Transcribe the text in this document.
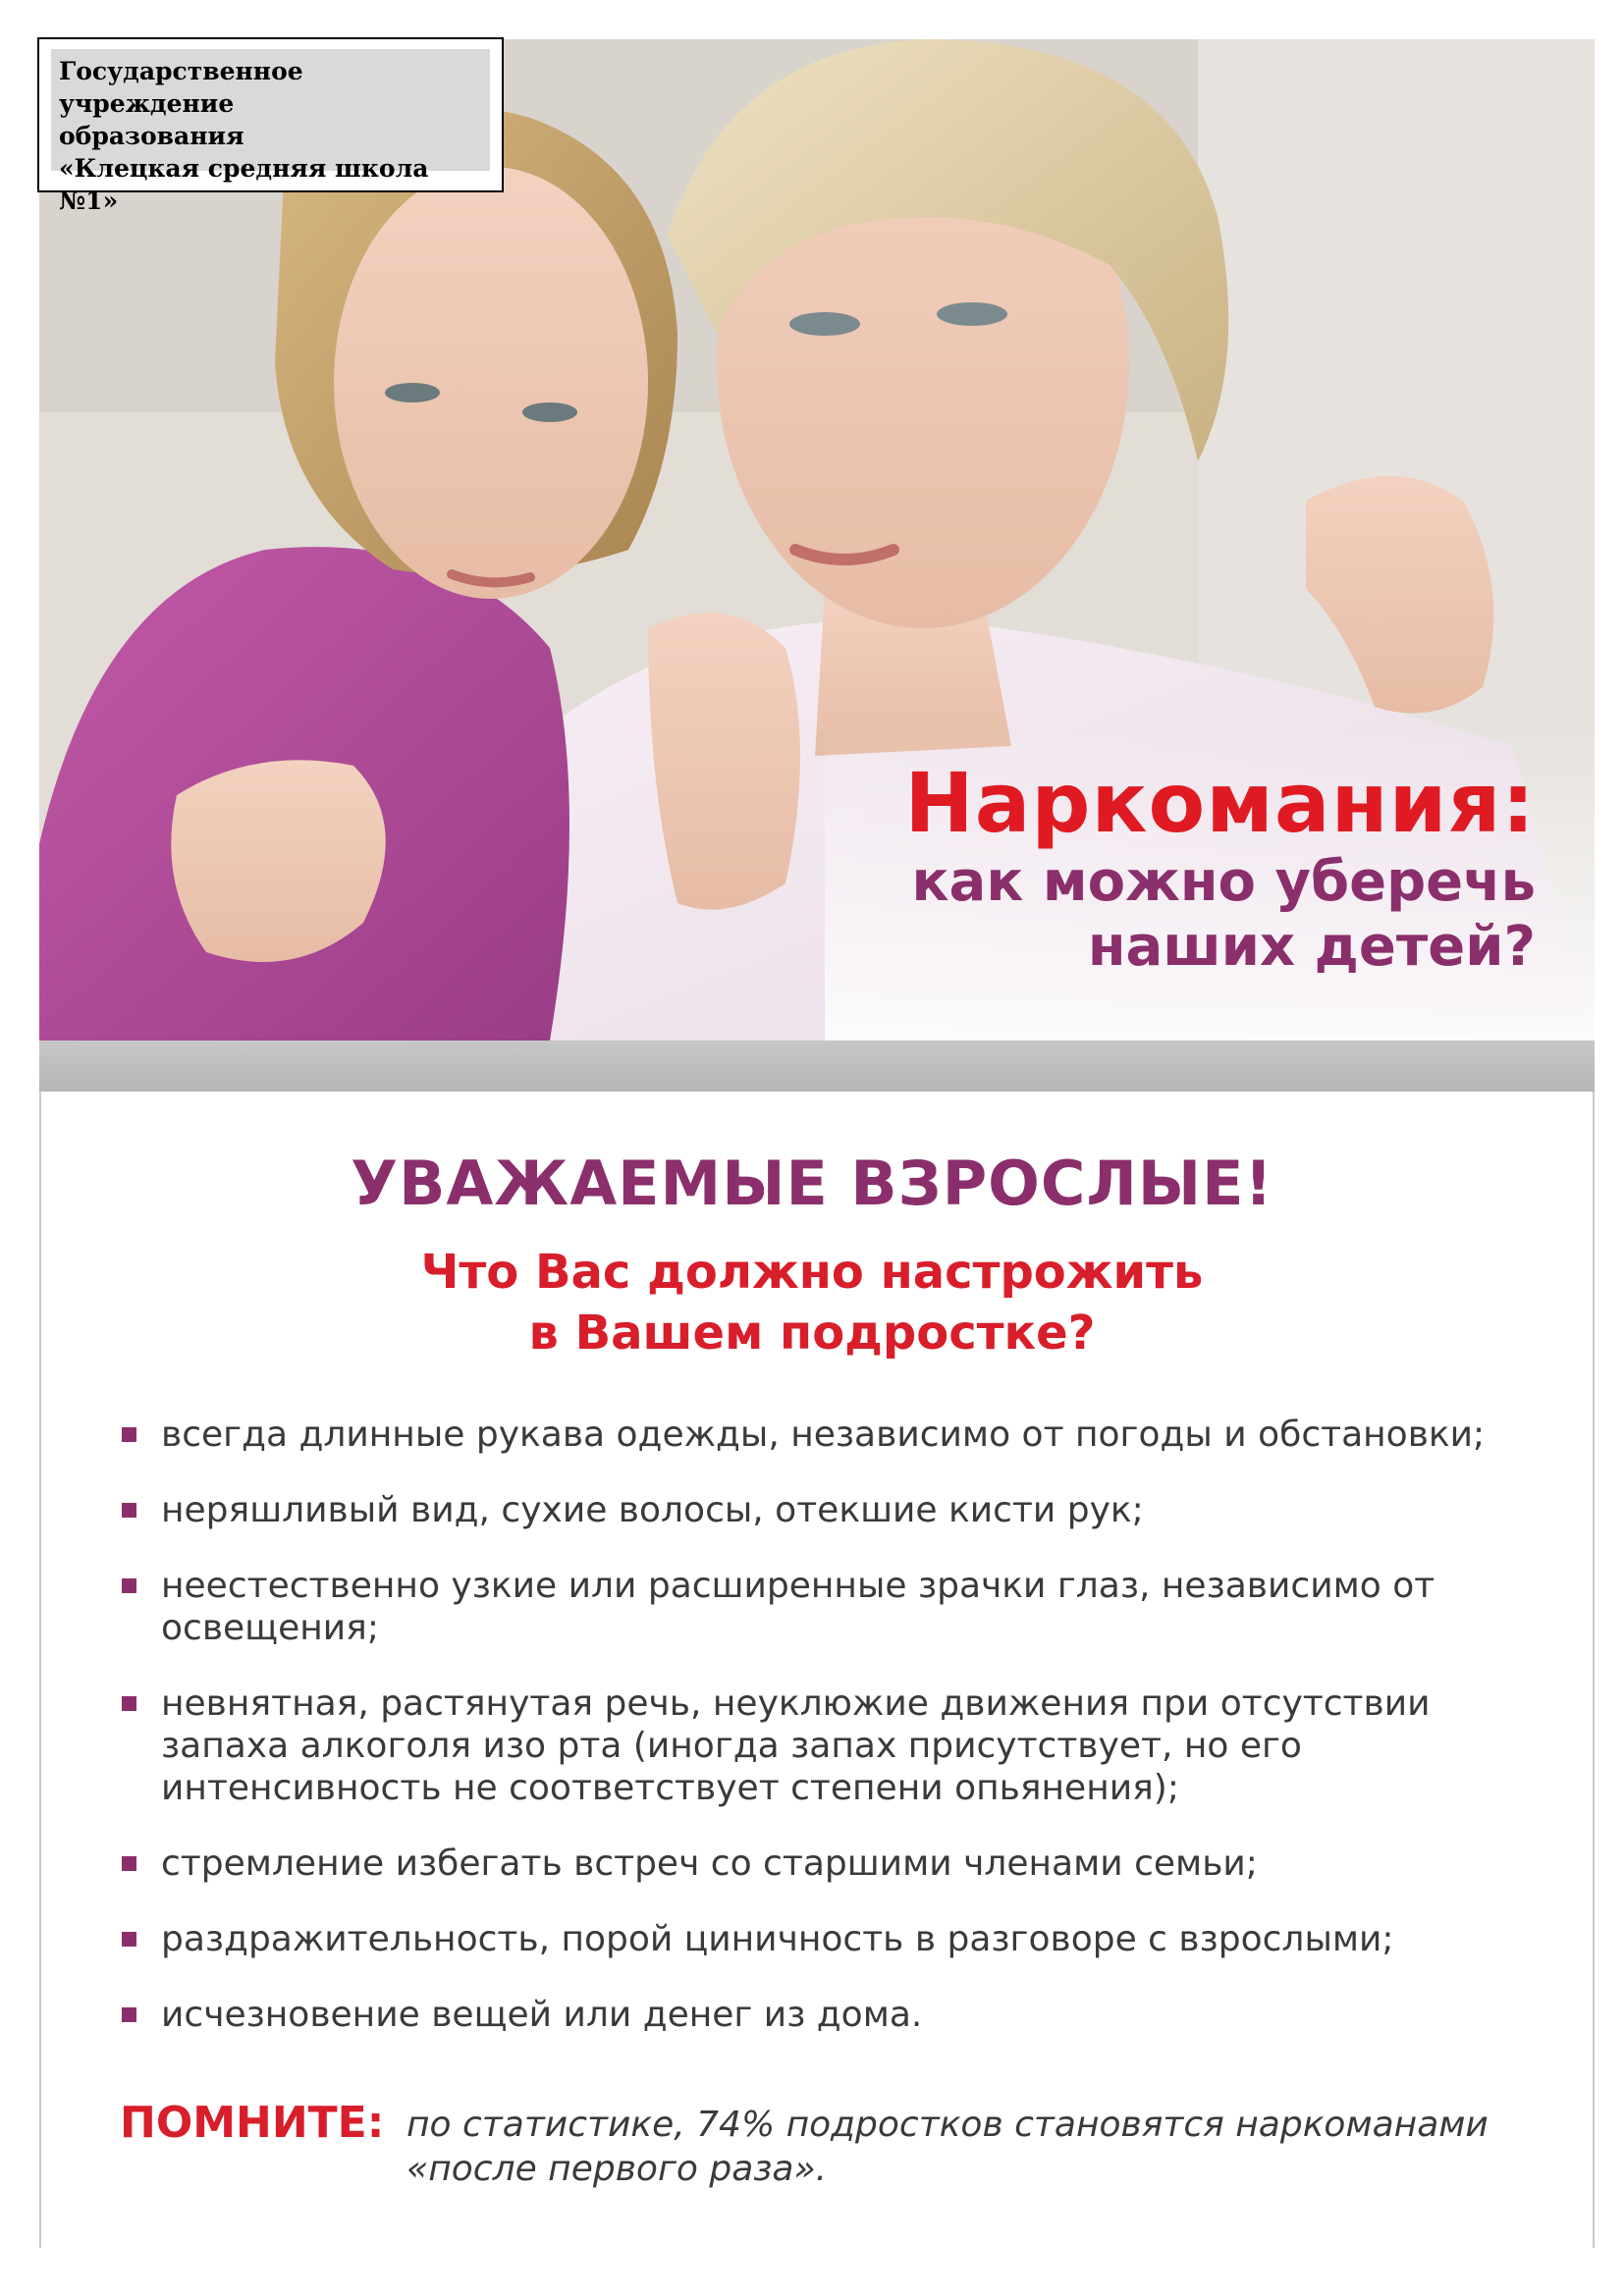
Государственное учреждение
образования
«Клецкая средняя школа №1»
Наркомания:
как можно уберечь
наших детей?
УВАЖАЕМЫЕ ВЗРОСЛЫЕ!
Что Вас должно настрожить
в Вашем подростке?
всегда длинные рукава одежды, независимо от погоды и обстановки;
неряшливый вид, сухие волосы, отекшие кисти рук;
неестественно узкие или расширенные зрачки глаз, независимо от освещения;
невнятная, растянутая речь, неуклюжие движения при отсутствии запаха алкоголя изо рта (иногда запах присутствует, но его интенсивность не соответствует степени опьянения);
стремление избегать встреч со старшими членами семьи;
раздражительность, порой циничность в разговоре с взрослыми;
исчезновение вещей или денег из дома.
ПОМНИТЕ: по статистике, 74% подростков становятся наркоманами «после первого раза».
